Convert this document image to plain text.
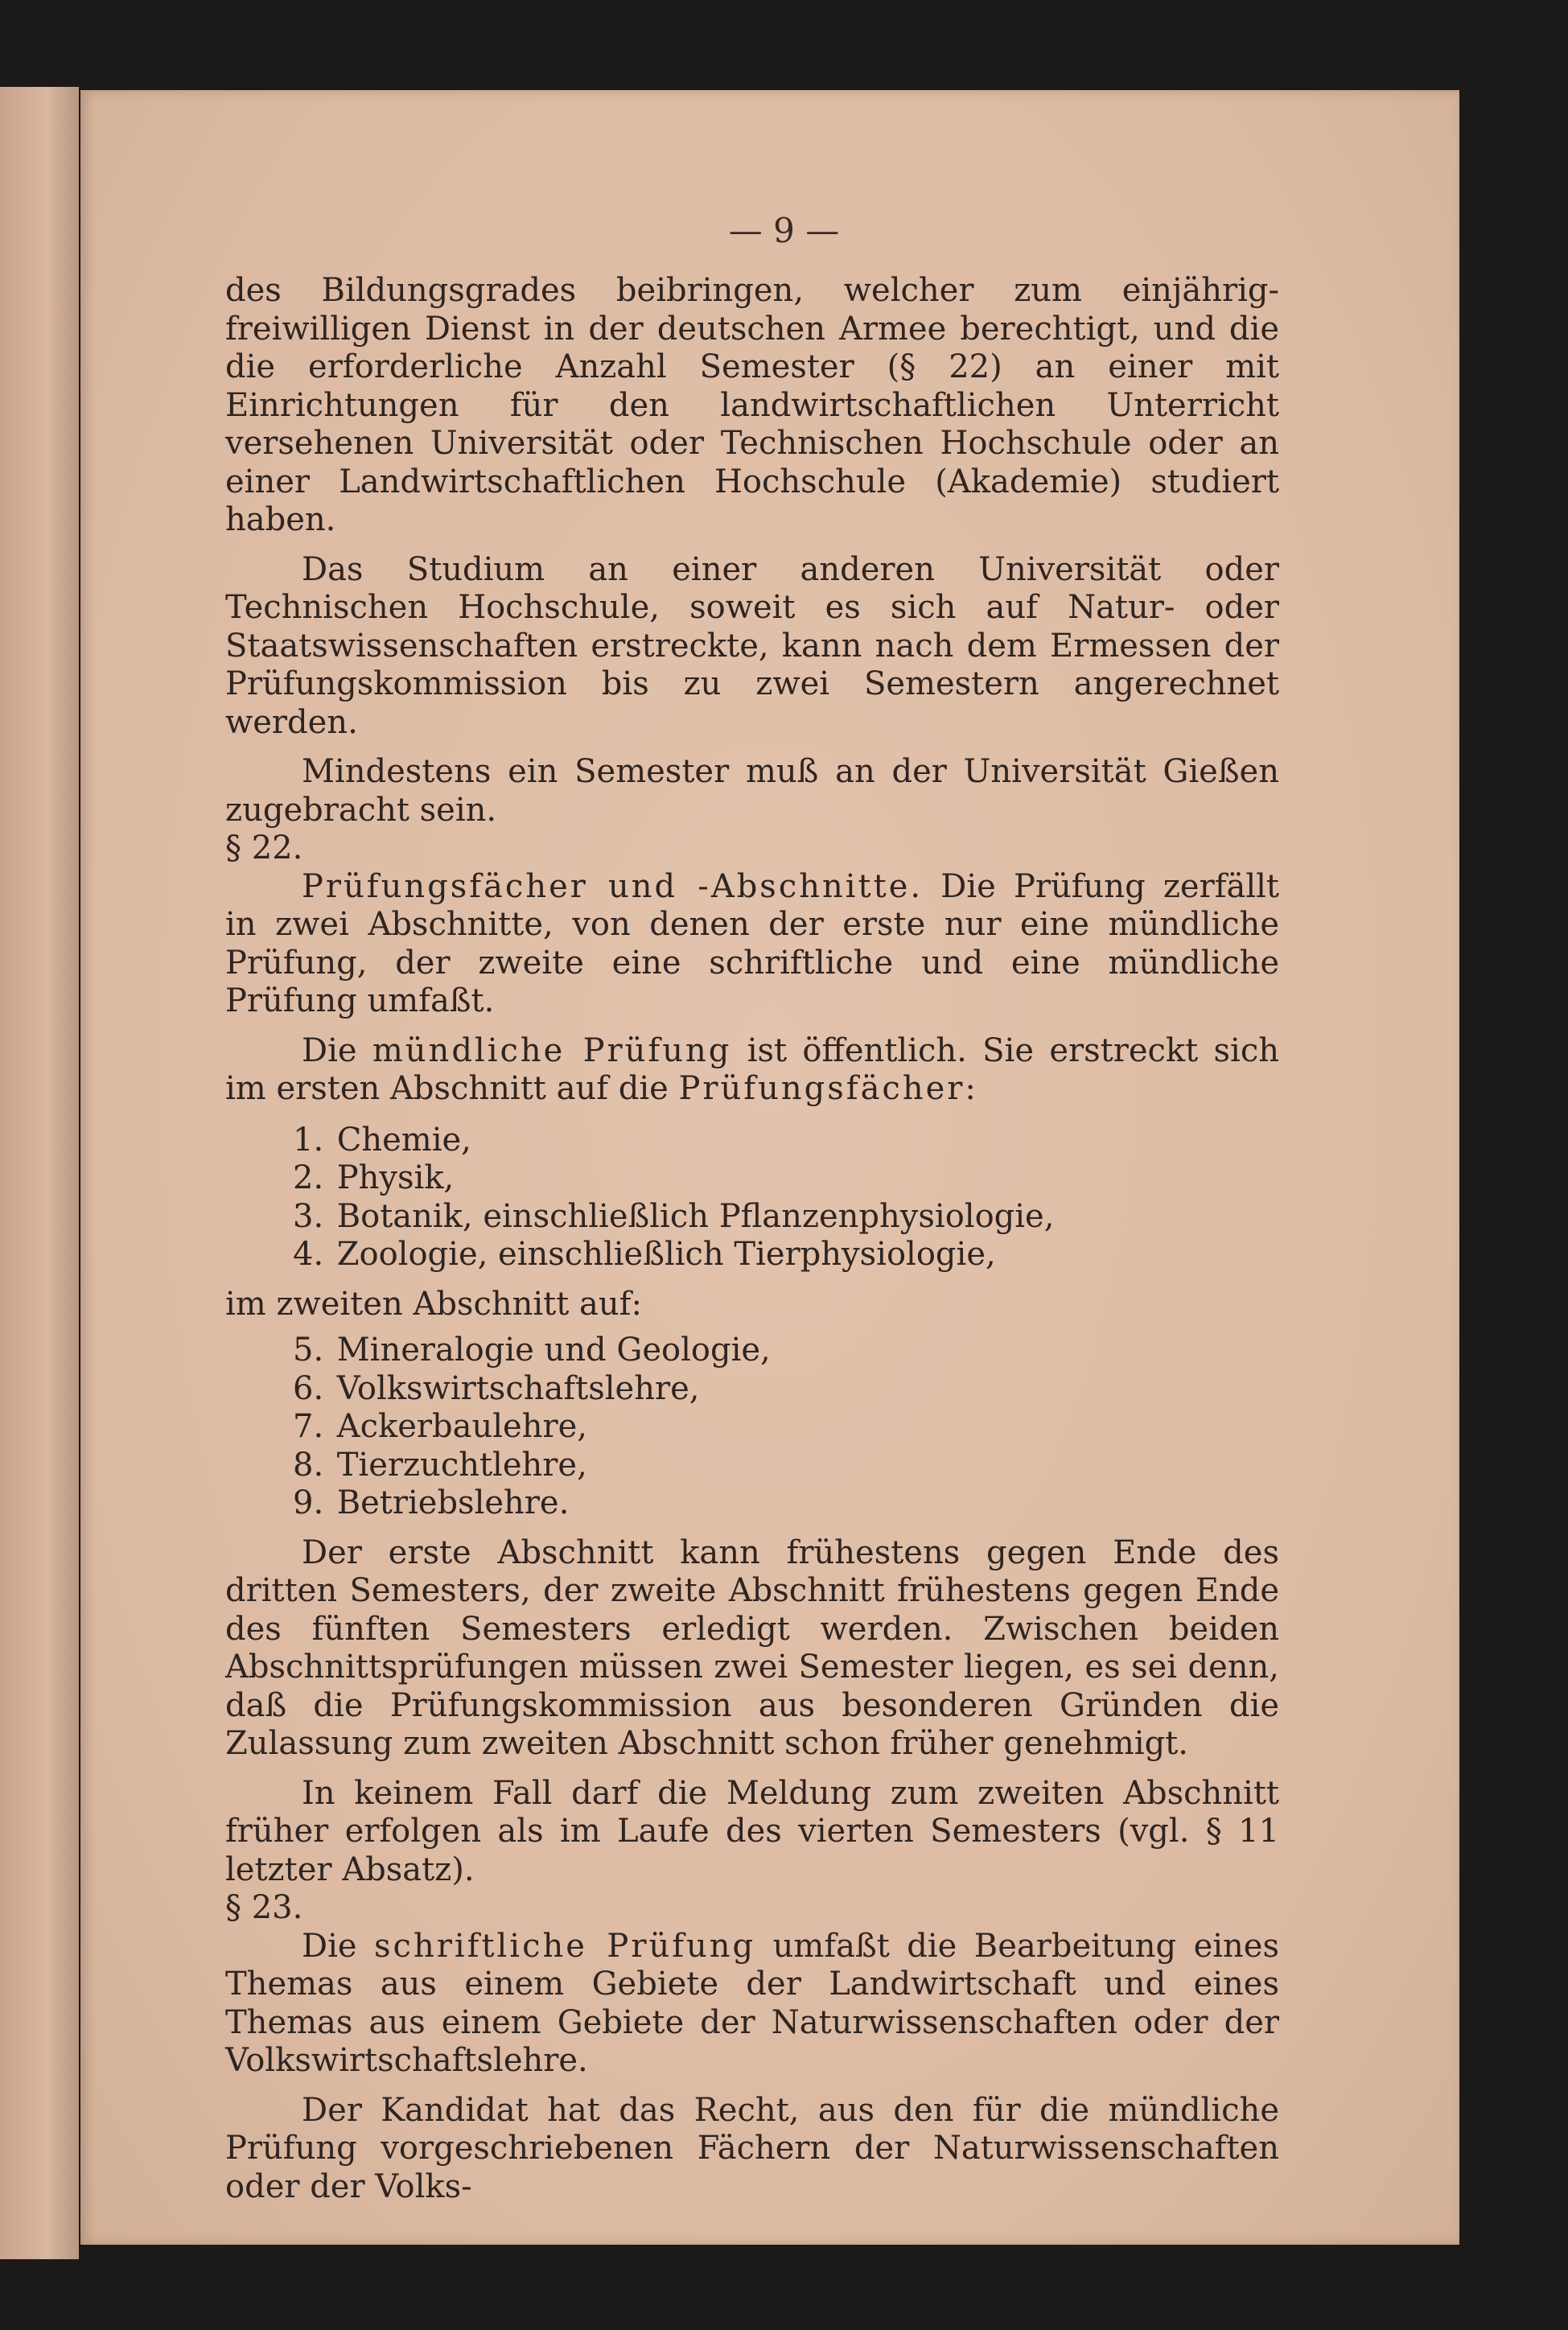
— 9 —

des Bildungsgrades beibringen, welcher zum einjährig-freiwilligen Dienst in der deutschen Armee berechtigt, und die die erforderliche Anzahl Semester (§ 22) an einer mit Einrichtungen für den landwirtschaftlichen Unterricht versehenen Universität oder Technischen Hochschule oder an einer Landwirtschaftlichen Hochschule (Akademie) studiert haben.

Das Studium an einer anderen Universität oder Technischen Hochschule, soweit es sich auf Natur- oder Staatswissenschaften erstreckte, kann nach dem Ermessen der Prüfungskommission bis zu zwei Semestern angerechnet werden.

Mindestens ein Semester muß an der Universität Gießen zugebracht sein.

§ 22.

Prüfungsfächer und -Abschnitte. Die Prüfung zerfällt in zwei Abschnitte, von denen der erste nur eine mündliche Prüfung, der zweite eine schriftliche und eine mündliche Prüfung umfaßt.

Die mündliche Prüfung ist öffentlich. Sie erstreckt sich im ersten Abschnitt auf die Prüfungsfächer:

1. Chemie,
2. Physik,
3. Botanik, einschließlich Pflanzenphysiologie,
4. Zoologie, einschließlich Tierphysiologie,

im zweiten Abschnitt auf:

5. Mineralogie und Geologie,
6. Volkswirtschaftslehre,
7. Ackerbaulehre,
8. Tierzuchtlehre,
9. Betriebslehre.

Der erste Abschnitt kann frühestens gegen Ende des dritten Semesters, der zweite Abschnitt frühestens gegen Ende des fünften Semesters erledigt werden. Zwischen beiden Abschnittsprüfungen müssen zwei Semester liegen, es sei denn, daß die Prüfungskommission aus besonderen Gründen die Zulassung zum zweiten Abschnitt schon früher genehmigt.

In keinem Fall darf die Meldung zum zweiten Abschnitt früher erfolgen als im Laufe des vierten Semesters (vgl. § 11 letzter Absatz).

§ 23.

Die schriftliche Prüfung umfaßt die Bearbeitung eines Themas aus einem Gebiete der Landwirtschaft und eines Themas aus einem Gebiete der Naturwissenschaften oder der Volkswirtschaftslehre.

Der Kandidat hat das Recht, aus den für die mündliche Prüfung vorgeschriebenen Fächern der Naturwissenschaften oder der Volks-
